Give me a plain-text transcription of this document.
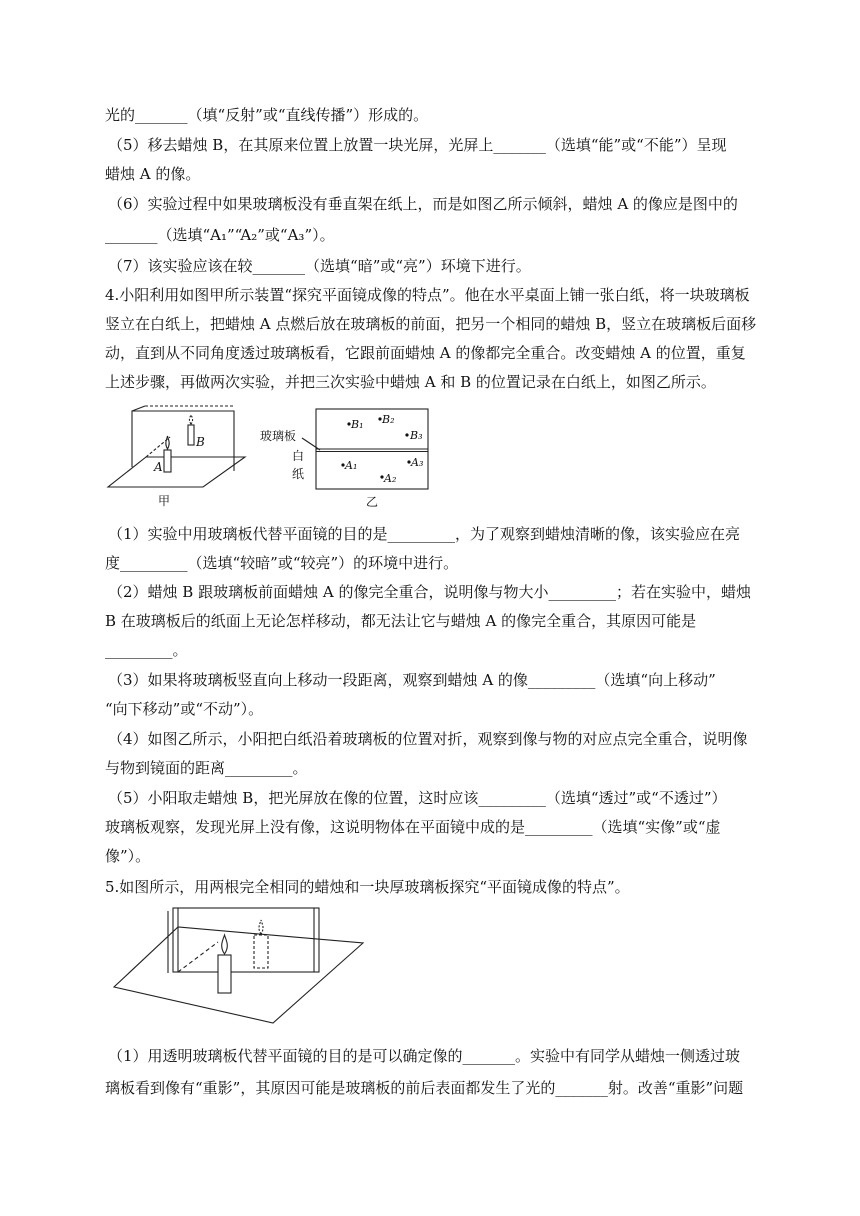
光的_______（填“反射”或“直线传播”）形成的。
（5）移去蜡烛 B，在其原来位置上放置一块光屏，光屏上_______（选填“能”或“不能”）呈现
蜡烛 A 的像。
（6）实验过程中如果玻璃板没有垂直架在纸上，而是如图乙所示倾斜，蜡烛 A 的像应是图中的
_______（选填“A₁”“A₂”或“A₃”）。
（7）该实验应该在较_______（选填“暗”或“亮”）环境下进行。
4.小阳利用如图甲所示装置“探究平面镜成像的特点”。他在水平桌面上铺一张白纸，将一块玻璃板
竖立在白纸上，把蜡烛 A 点燃后放在玻璃板的前面，把另一个相同的蜡烛 B，竖立在玻璃板后面移
动，直到从不同角度透过玻璃板看，它跟前面蜡烛 A 的像都完全重合。改变蜡烛 A 的位置，重复
上述步骤，再做两次实验，并把三次实验中蜡烛 A 和 B 的位置记录在白纸上，如图乙所示。
B
A
甲
B₁ B₂
B₃
A₁
A₂
A₃
玻璃板
白
纸
乙
（1）实验中用玻璃板代替平面镜的目的是_________，为了观察到蜡烛清晰的像，该实验应在亮
度_________（选填“较暗”或“较亮”）的环境中进行。
（2）蜡烛 B 跟玻璃板前面蜡烛 A 的像完全重合，说明像与物大小_________；若在实验中，蜡烛
B 在玻璃板后的纸面上无论怎样移动，都无法让它与蜡烛 A 的像完全重合，其原因可能是
_________。
（3）如果将玻璃板竖直向上移动一段距离，观察到蜡烛 A 的像_________（选填“向上移动”
“向下移动”或“不动”）。
（4）如图乙所示，小阳把白纸沿着玻璃板的位置对折，观察到像与物的对应点完全重合，说明像
与物到镜面的距离_________。
（5）小阳取走蜡烛 B，把光屏放在像的位置，这时应该_________（选填“透过”或“不透过”）
玻璃板观察，发现光屏上没有像，这说明物体在平面镜中成的是_________（选填“实像”或“虚
像”）。
5.如图所示，用两根完全相同的蜡烛和一块厚玻璃板探究“平面镜成像的特点”。
（1）用透明玻璃板代替平面镜的目的是可以确定像的_______。实验中有同学从蜡烛一侧透过玻
璃板看到像有“重影”，其原因可能是玻璃板的前后表面都发生了光的_______射。改善“重影”问题
